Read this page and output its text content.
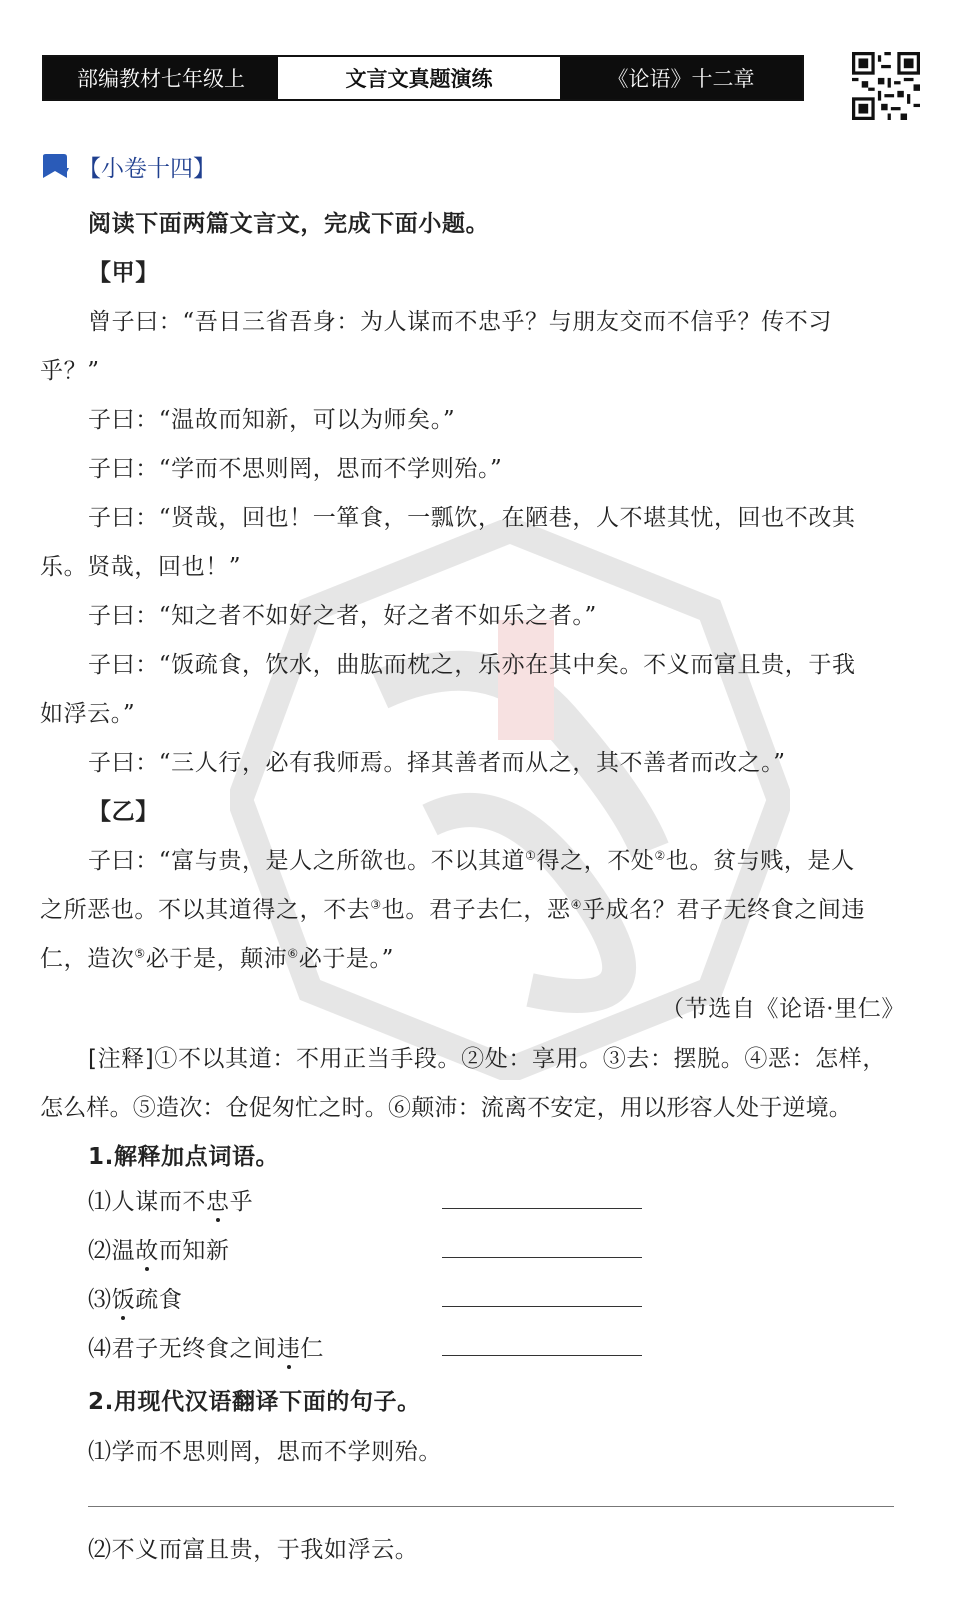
部编教材七年级上	文言文真题演练	《论语》十二章
语文
【小卷十四】
阅读下面两篇文言文，完成下面小题。
【甲】
曾子曰：“吾日三省吾身：为人谋而不忠乎？与朋友交而不信乎？传不习
乎？”
子曰：“温故而知新，可以为师矣。”
子曰：“学而不思则罔，思而不学则殆。”
子曰：“贤哉，回也！一箪食，一瓢饮，在陋巷，人不堪其忧，回也不改其
乐。贤哉，回也！”
子曰：“知之者不如好之者，好之者不如乐之者。”
子曰：“饭疏食，饮水，曲肱而枕之，乐亦在其中矣。不义而富且贵，于我
如浮云。”
子曰：“三人行，必有我师焉。择其善者而从之，其不善者而改之。”
【乙】
子曰：“富与贵，是人之所欲也。不以其道①得之，不处②也。贫与贱，是人
之所恶也。不以其道得之，不去③也。君子去仁，恶④乎成名？君子无终食之间违
仁，造次⑤必于是，颠沛⑥必于是。”
（节选自《论语·里仁》
[注释]①不以其道：不用正当手段。②处：享用。③去：摆脱。④恶：怎样，
怎么样。⑤造次：仓促匆忙之时。⑥颠沛：流离不安定，用以形容人处于逆境。
1.解释加点词语。
⑴人谋而不忠乎
⑵温故而知新
⑶饭疏食
⑷君子无终食之间违仁
2.用现代汉语翻译下面的句子。
⑴学而不思则罔，思而不学则殆。
⑵不义而富且贵，于我如浮云。
